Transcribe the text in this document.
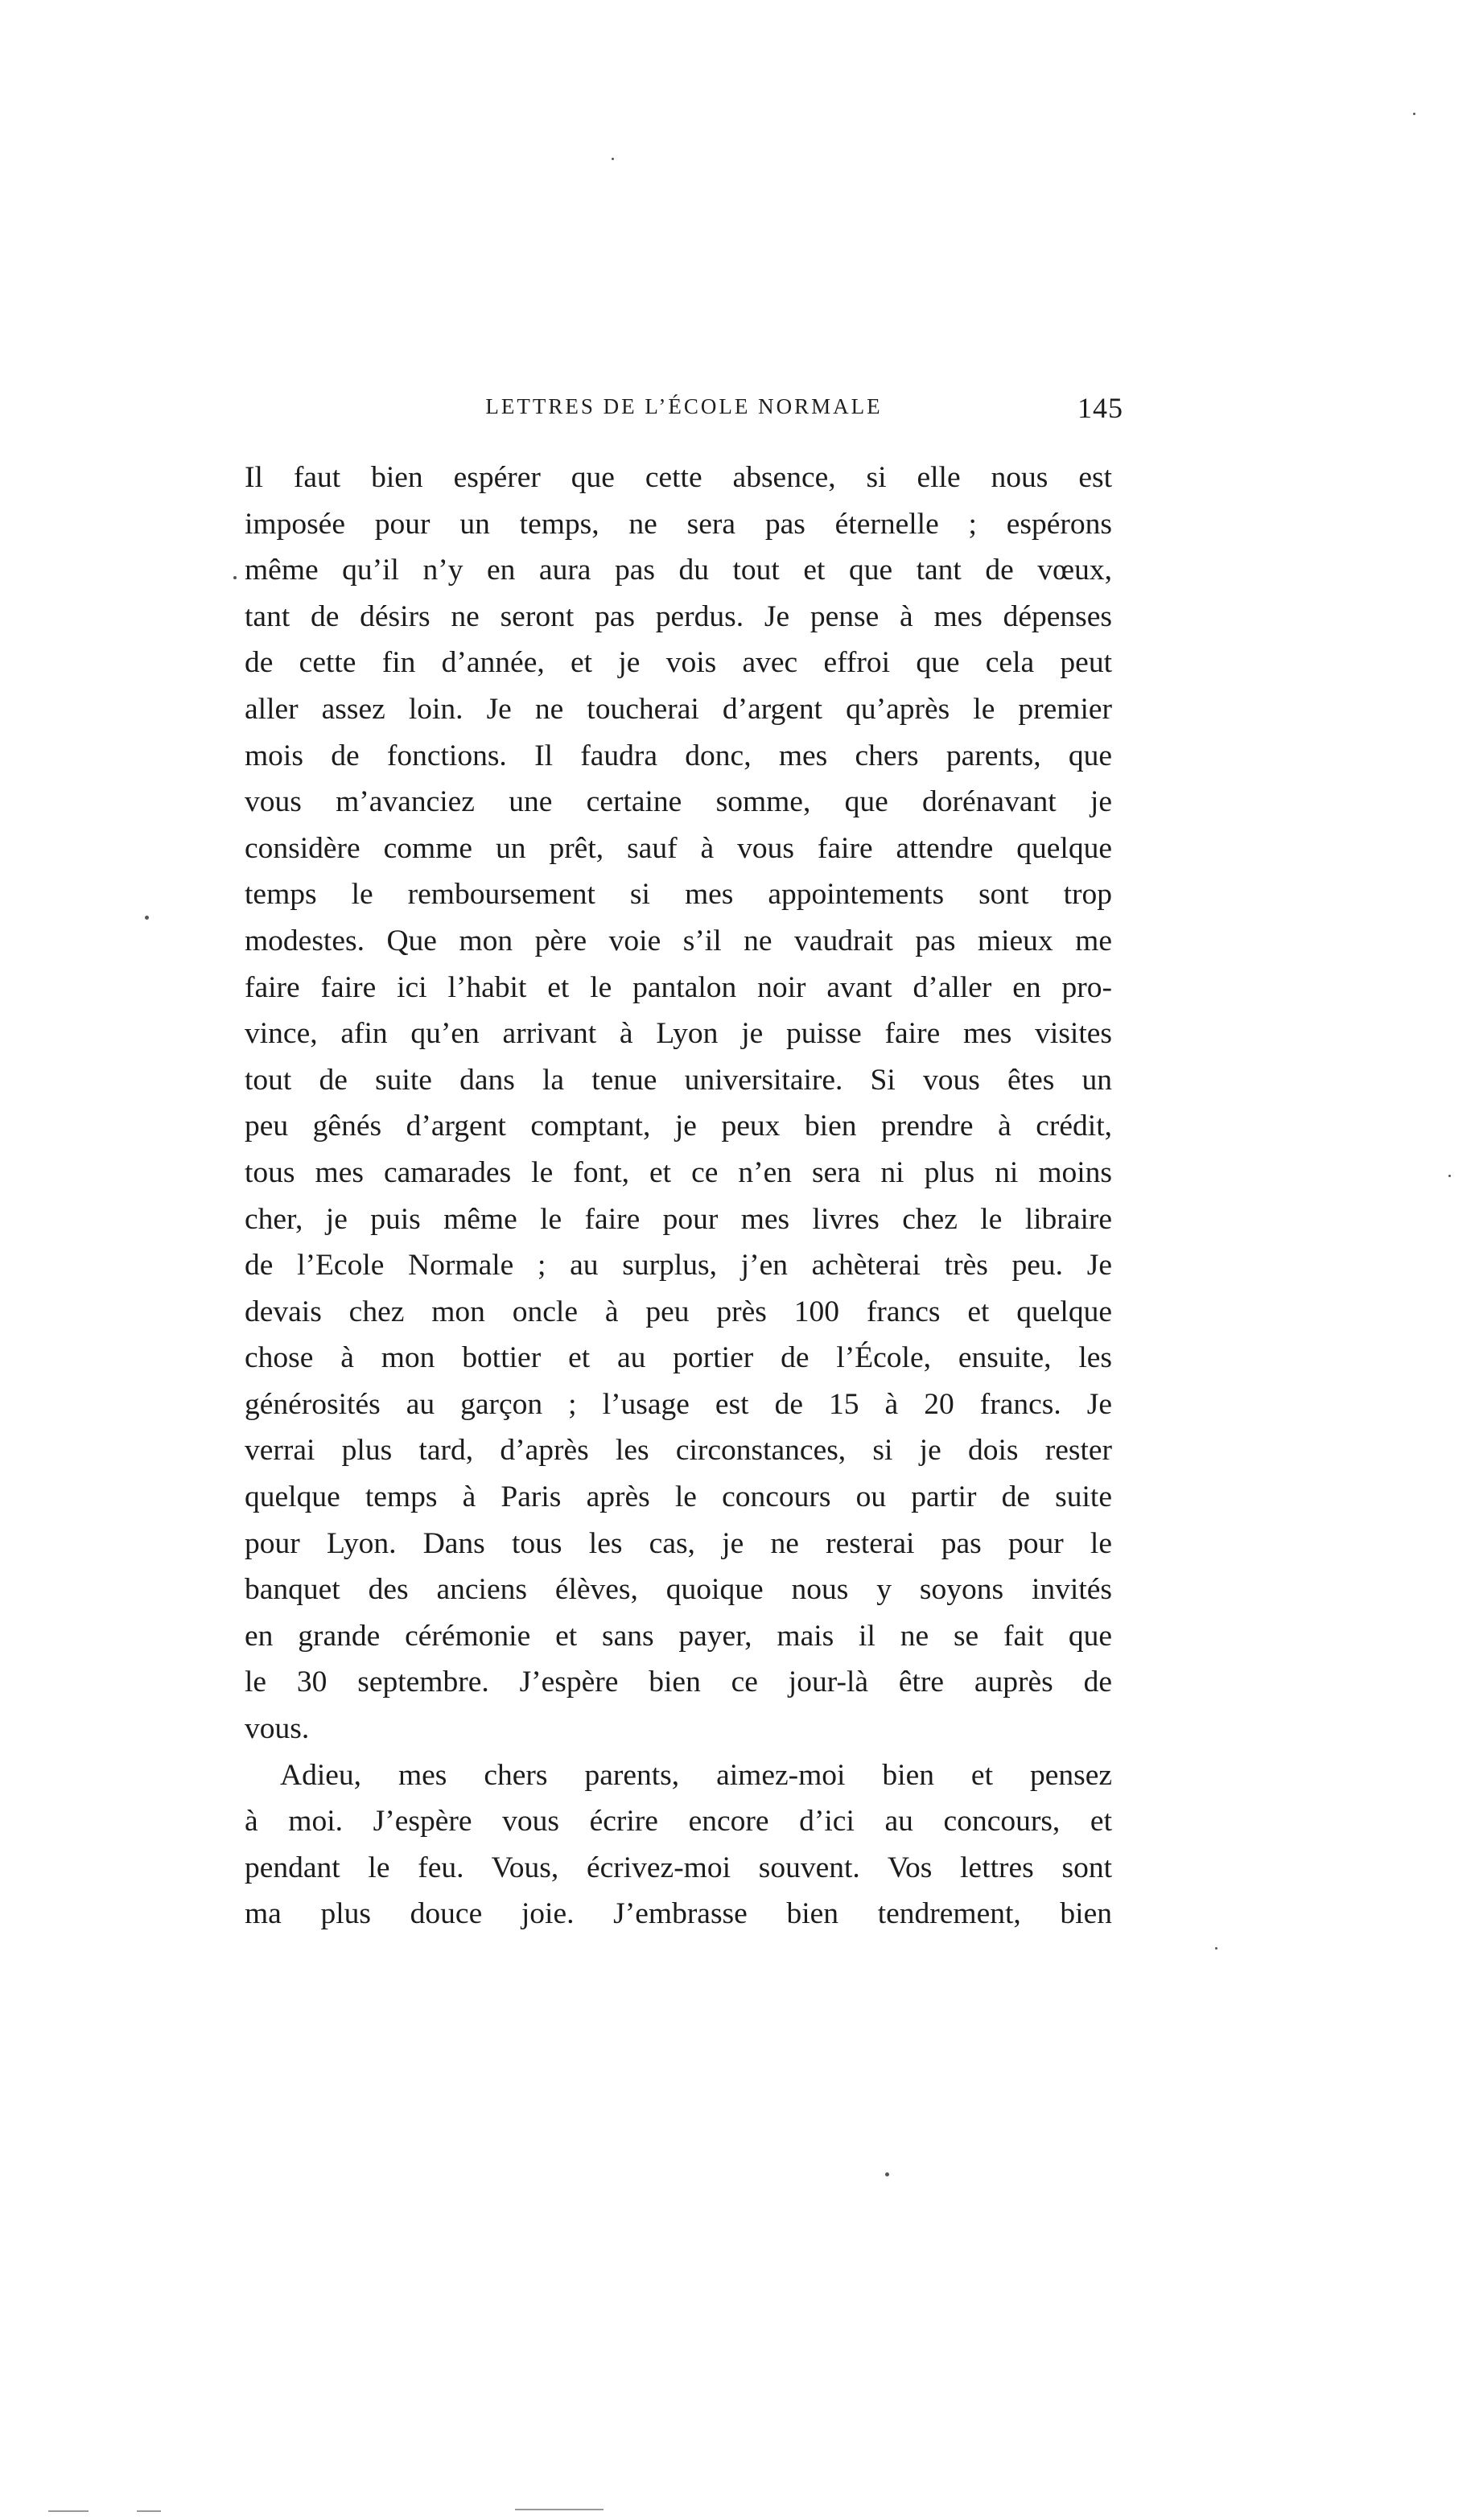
LETTRES DE L’ÉCOLE NORMALE	145
Il faut bien espérer que cette absence, si elle nous est
imposée pour un temps, ne sera pas éternelle ; espérons
même qu’il n’y en aura pas du tout et que tant de vœux,
tant de désirs ne seront pas perdus. Je pense à mes dépenses
de cette fin d’année, et je vois avec effroi que cela peut
aller assez loin. Je ne toucherai d’argent qu’après le premier
mois de fonctions. Il faudra donc, mes chers parents, que
vous m’avanciez une certaine somme, que dorénavant je
considère comme un prêt, sauf à vous faire attendre quelque
temps le remboursement si mes appointements sont trop
modestes. Que mon père voie s’il ne vaudrait pas mieux me
faire faire ici l’habit et le pantalon noir avant d’aller en pro-
vince, afin qu’en arrivant à Lyon je puisse faire mes visites
tout de suite dans la tenue universitaire. Si vous êtes un
peu gênés d’argent comptant, je peux bien prendre à crédit,
tous mes camarades le font, et ce n’en sera ni plus ni moins
cher, je puis même le faire pour mes livres chez le libraire
de l’Ecole Normale ; au surplus, j’en achèterai très peu. Je
devais chez mon oncle à peu près 100 francs et quelque
chose à mon bottier et au portier de l’École, ensuite, les
générosités au garçon ; l’usage est de 15 à 20 francs. Je
verrai plus tard, d’après les circonstances, si je dois rester
quelque temps à Paris après le concours ou partir de suite
pour Lyon. Dans tous les cas, je ne resterai pas pour le
banquet des anciens élèves, quoique nous y soyons invités
en grande cérémonie et sans payer, mais il ne se fait que
le 30 septembre. J’espère bien ce jour-là être auprès de
vous.
Adieu, mes chers parents, aimez-moi bien et pensez
à moi. J’espère vous écrire encore d’ici au concours, et
pendant le feu. Vous, écrivez-moi souvent. Vos lettres sont
ma plus douce joie. J’embrasse bien tendrement, bien
